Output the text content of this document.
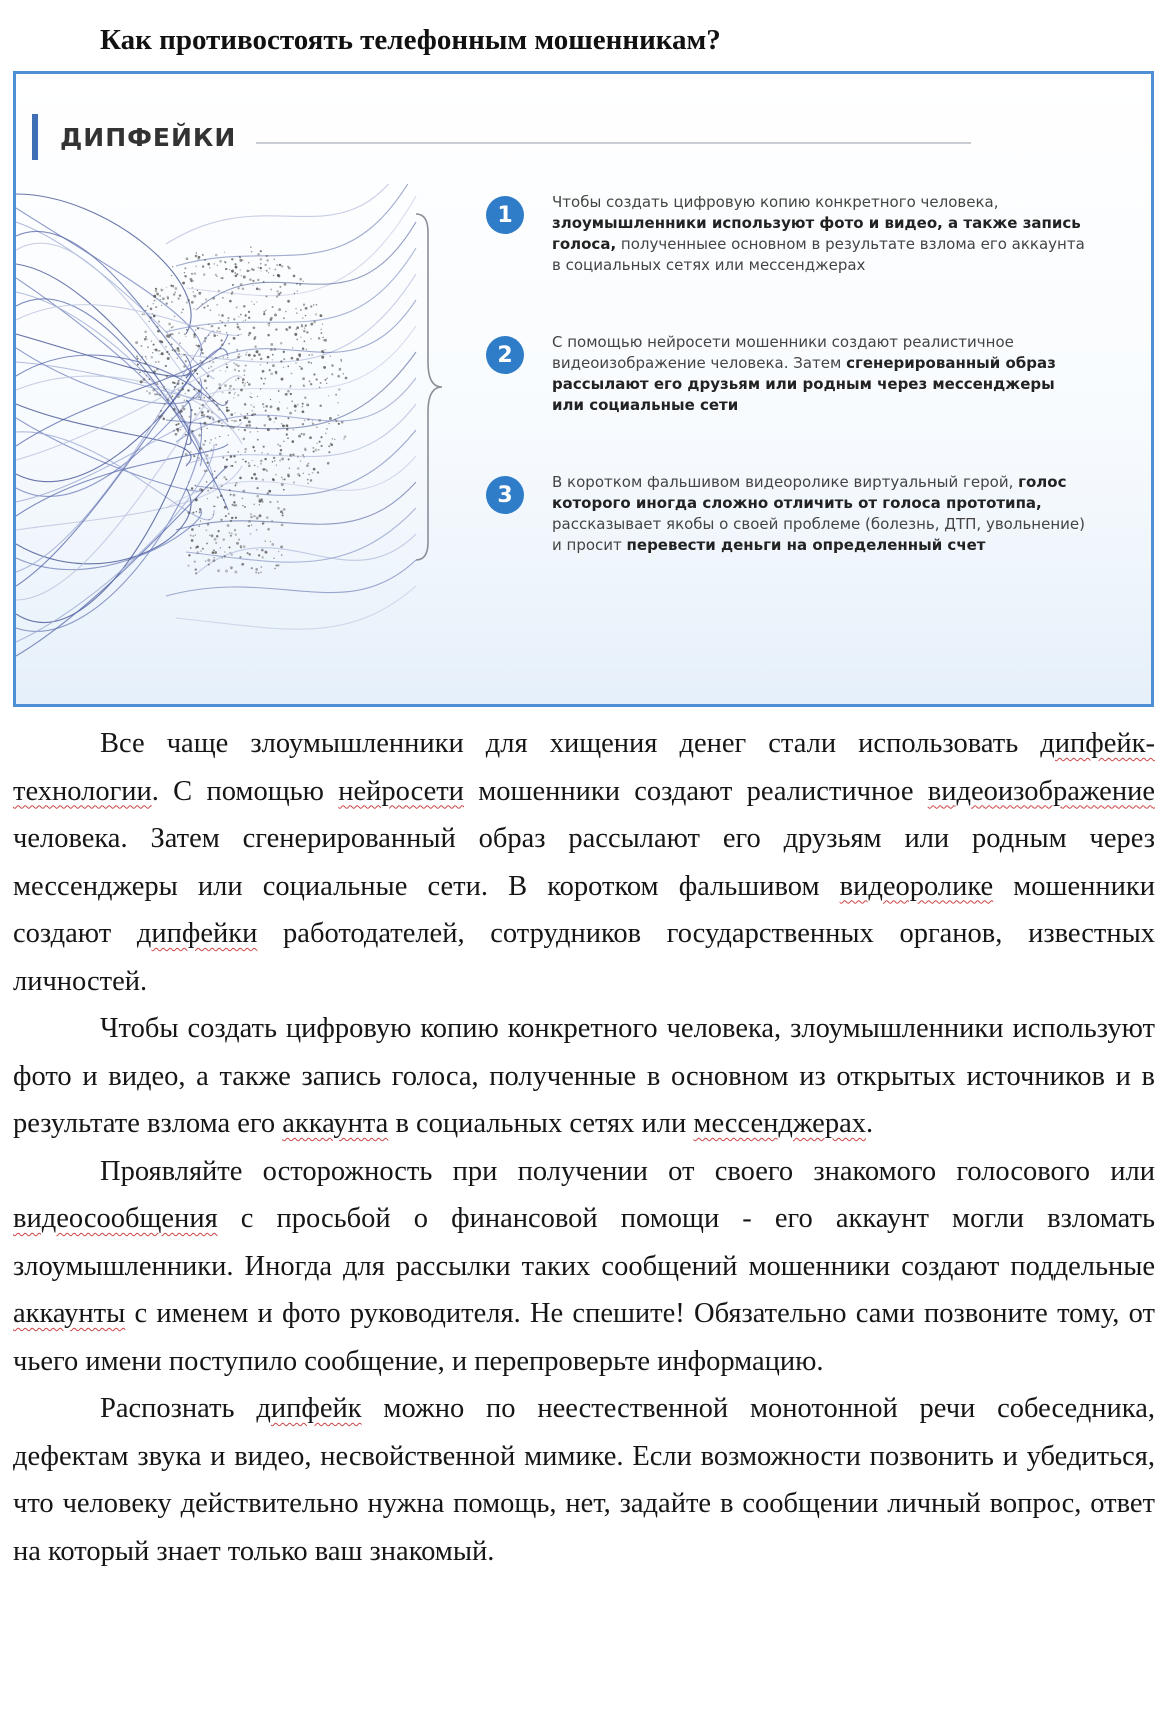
Как противостоять телефонным мошенникам?
ДИПФЕЙКИ
1
Чтобы создать цифровую копию конкретного человека, злоумышленники используют фото и видео, а также запись голоса, полученныее основном в результате взлома его аккаунта в социальных сетях или мессенджерах
2
С помощью нейросети мошенники создают реалистичное видеоизображение человека. Затем сгенерированный образ рассылают его друзьям или родным через мессенджеры или социальные сети
3
В коротком фальшивом видеоролике виртуальный герой, голос которого иногда сложно отличить от голоса прототипа, рассказывает якобы о своей проблеме (болезнь, ДТП, увольнение) и просит перевести деньги на определенный счет

Все чаще злоумышленники для хищения денег стали использовать дипфейк-технологии. С помощью нейросети мошенники создают реалистичное видеоизображение человека. Затем сгенерированный образ рассылают его друзьям или родным через мессенджеры или социальные сети. В коротком фальшивом видеоролике мошенники создают дипфейки работодателей, сотрудников государственных органов, известных личностей.

Чтобы создать цифровую копию конкретного человека, злоумышленники используют фото и видео, а также запись голоса, полученные в основном из открытых источников и в результате взлома его аккаунта в социальных сетях или мессенджерах.

Проявляйте осторожность при получении от своего знакомого голосового или видеосообщения с просьбой о финансовой помощи - его аккаунт могли взломать злоумышленники. Иногда для рассылки таких сообщений мошенники создают поддельные аккаунты с именем и фото руководителя. Не спешите! Обязательно сами позвоните тому, от чьего имени поступило сообщение, и перепроверьте информацию.

Распознать дипфейк можно по неестественной монотонной речи собеседника, дефектам звука и видео, несвойственной мимике. Если возможности позвонить и убедиться, что человеку действительно нужна помощь, нет, задайте в сообщении личный вопрос, ответ на который знает только ваш знакомый.
